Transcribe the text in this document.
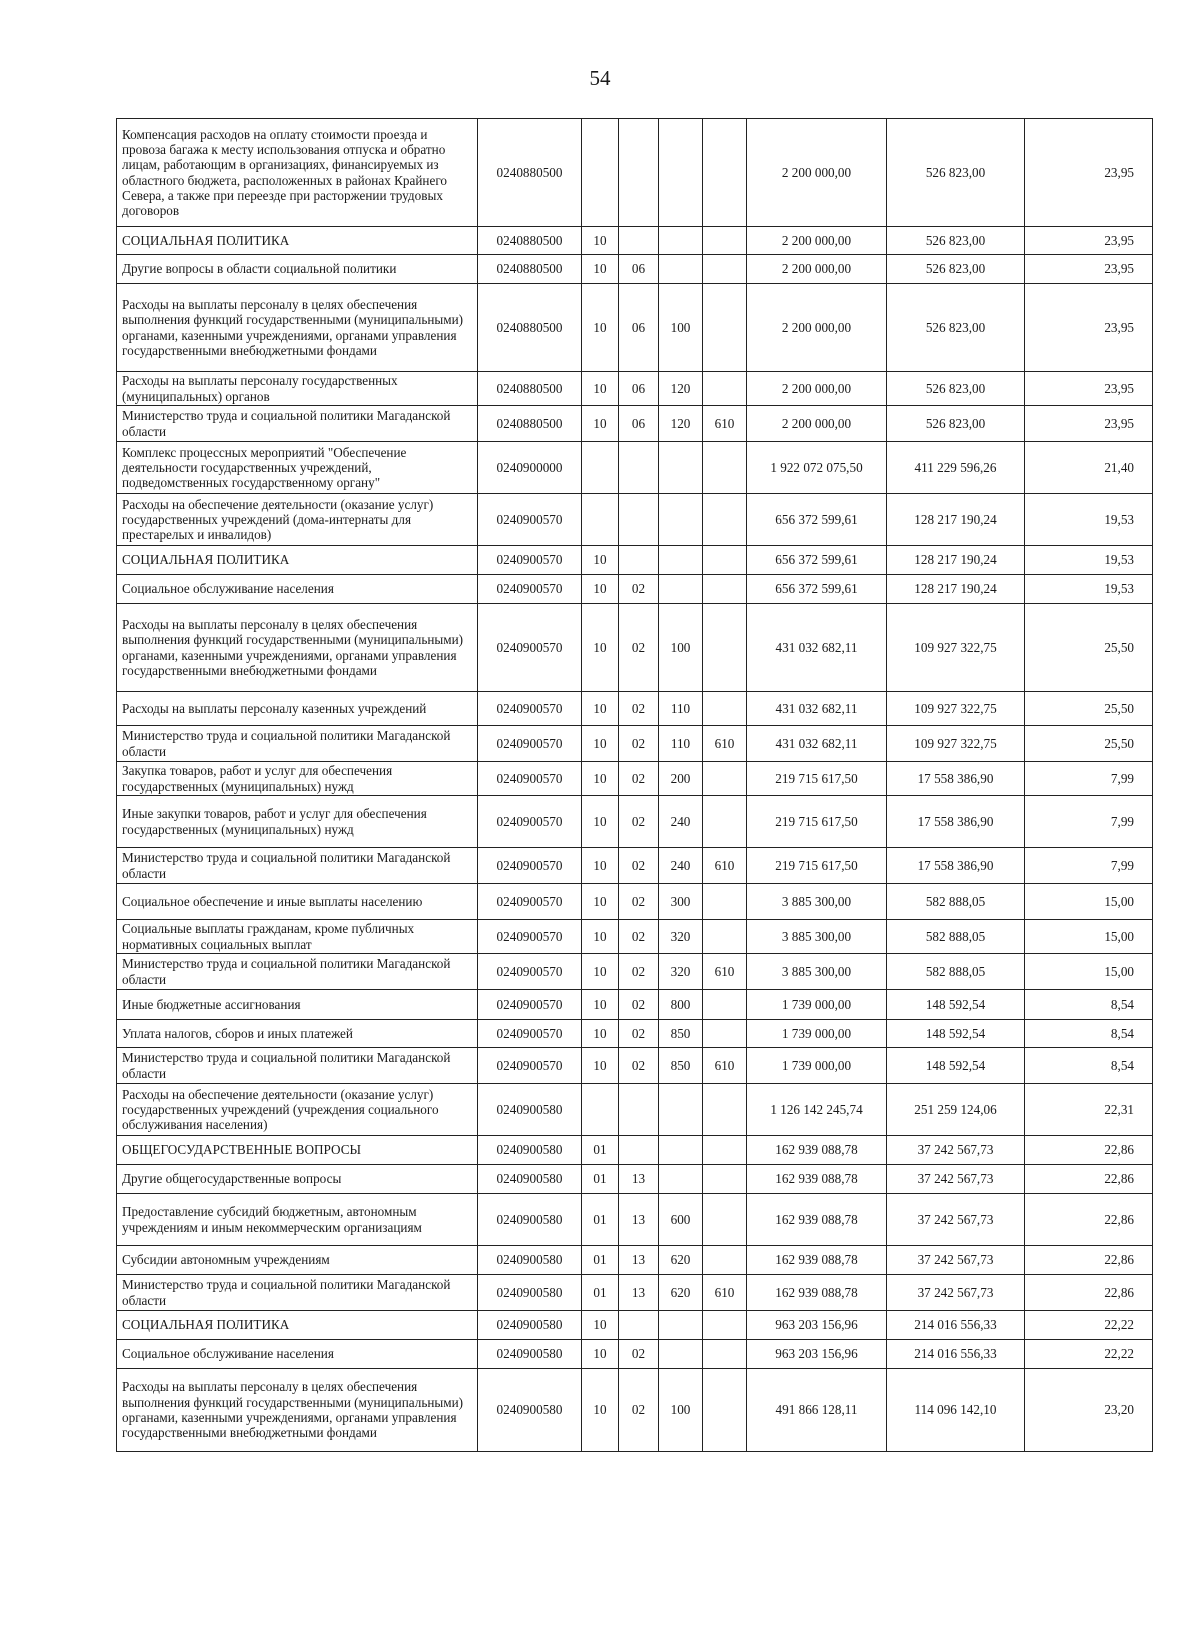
54
Компенсация расходов на оплату стоимости проезда и провоза багажа к месту использования отпуска и обратно лицам, работающим в организациях, финансируемых из областного бюджета, расположенных в районах Крайнего Севера, а также при переезде при расторжении трудовых договоров	0240880500					2 200 000,00	526 823,00	23,95
СОЦИАЛЬНАЯ ПОЛИТИКА	0240880500	10				2 200 000,00	526 823,00	23,95
Другие вопросы в области социальной политики	0240880500	10	06			2 200 000,00	526 823,00	23,95
Расходы на выплаты персоналу в целях обеспечения выполнения функций государственными (муниципальными) органами, казенными учреждениями, органами управления государственными внебюджетными фондами	0240880500	10	06	100		2 200 000,00	526 823,00	23,95
Расходы на выплаты персоналу государственных (муниципальных) органов	0240880500	10	06	120		2 200 000,00	526 823,00	23,95
Министерство труда и социальной политики Магаданской области	0240880500	10	06	120	610	2 200 000,00	526 823,00	23,95
Комплекс процессных мероприятий "Обеспечение деятельности государственных учреждений, подведомственных государственному органу"	0240900000					1 922 072 075,50	411 229 596,26	21,40
Расходы на обеспечение деятельности (оказание услуг) государственных учреждений (дома-интернаты для престарелых и инвалидов)	0240900570					656 372 599,61	128 217 190,24	19,53
СОЦИАЛЬНАЯ ПОЛИТИКА	0240900570	10				656 372 599,61	128 217 190,24	19,53
Социальное обслуживание населения	0240900570	10	02			656 372 599,61	128 217 190,24	19,53
Расходы на выплаты персоналу в целях обеспечения выполнения функций государственными (муниципальными) органами, казенными учреждениями, органами управления государственными внебюджетными фондами	0240900570	10	02	100		431 032 682,11	109 927 322,75	25,50
Расходы на выплаты персоналу казенных учреждений	0240900570	10	02	110		431 032 682,11	109 927 322,75	25,50
Министерство труда и социальной политики Магаданской области	0240900570	10	02	110	610	431 032 682,11	109 927 322,75	25,50
Закупка товаров, работ и услуг для обеспечения государственных (муниципальных) нужд	0240900570	10	02	200		219 715 617,50	17 558 386,90	7,99
Иные закупки товаров, работ и услуг для обеспечения государственных (муниципальных) нужд	0240900570	10	02	240		219 715 617,50	17 558 386,90	7,99
Министерство труда и социальной политики Магаданской области	0240900570	10	02	240	610	219 715 617,50	17 558 386,90	7,99
Социальное обеспечение и иные выплаты населению	0240900570	10	02	300		3 885 300,00	582 888,05	15,00
Социальные выплаты гражданам, кроме публичных нормативных социальных выплат	0240900570	10	02	320		3 885 300,00	582 888,05	15,00
Министерство труда и социальной политики Магаданской области	0240900570	10	02	320	610	3 885 300,00	582 888,05	15,00
Иные бюджетные ассигнования	0240900570	10	02	800		1 739 000,00	148 592,54	8,54
Уплата налогов, сборов и иных платежей	0240900570	10	02	850		1 739 000,00	148 592,54	8,54
Министерство труда и социальной политики Магаданской области	0240900570	10	02	850	610	1 739 000,00	148 592,54	8,54
Расходы на обеспечение деятельности (оказание услуг) государственных учреждений (учреждения социального обслуживания населения)	0240900580					1 126 142 245,74	251 259 124,06	22,31
ОБЩЕГОСУДАРСТВЕННЫЕ ВОПРОСЫ	0240900580	01				162 939 088,78	37 242 567,73	22,86
Другие общегосударственные вопросы	0240900580	01	13			162 939 088,78	37 242 567,73	22,86
Предоставление субсидий бюджетным, автономным учреждениям и иным некоммерческим организациям	0240900580	01	13	600		162 939 088,78	37 242 567,73	22,86
Субсидии автономным учреждениям	0240900580	01	13	620		162 939 088,78	37 242 567,73	22,86
Министерство труда и социальной политики Магаданской области	0240900580	01	13	620	610	162 939 088,78	37 242 567,73	22,86
СОЦИАЛЬНАЯ ПОЛИТИКА	0240900580	10				963 203 156,96	214 016 556,33	22,22
Социальное обслуживание населения	0240900580	10	02			963 203 156,96	214 016 556,33	22,22
Расходы на выплаты персоналу в целях обеспечения выполнения функций государственными (муниципальными) органами, казенными учреждениями, органами управления государственными внебюджетными фондами	0240900580	10	02	100		491 866 128,11	114 096 142,10	23,20
